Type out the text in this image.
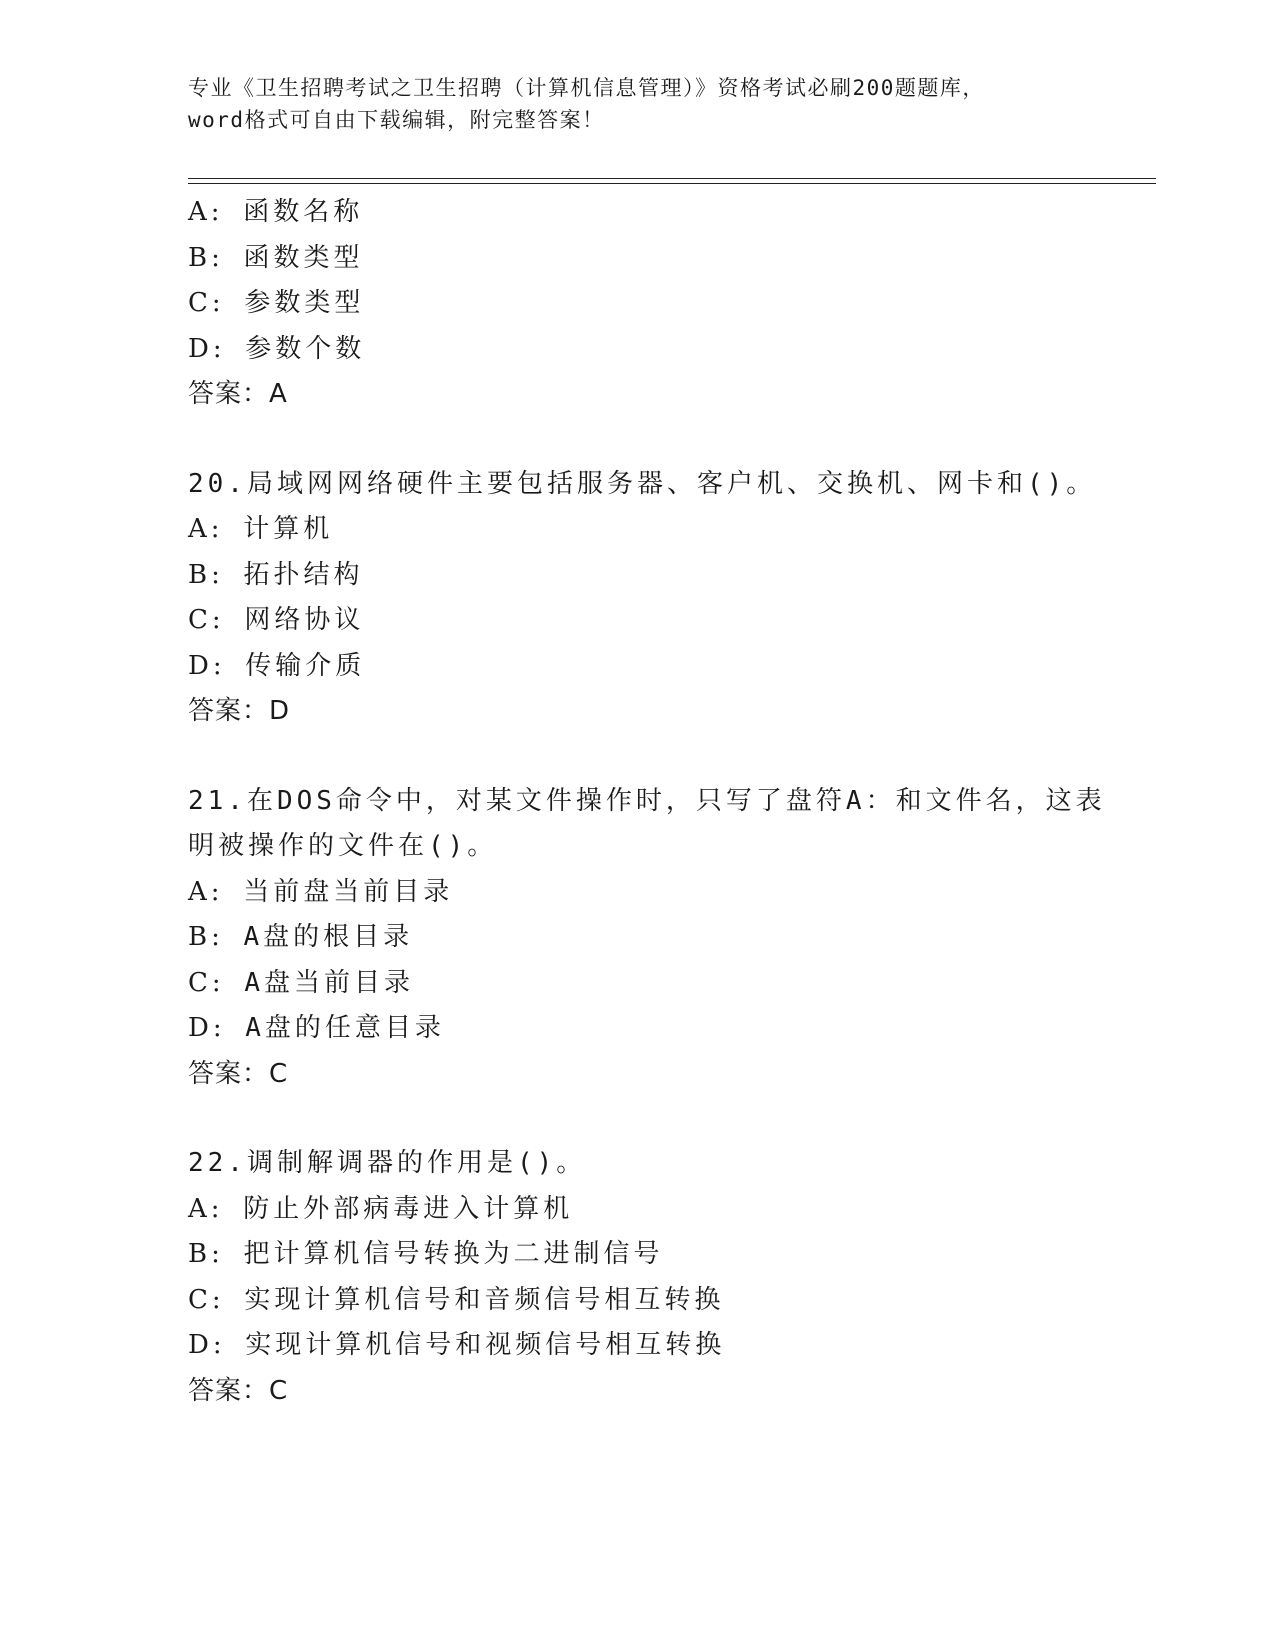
专业《卫生招聘考试之卫生招聘（计算机信息管理）》资格考试必刷200题题库，
word格式可自由下载编辑，附完整答案！
A: 函数名称
B: 函数类型
C: 参数类型
D: 参数个数
答案：A
20.局域网网络硬件主要包括服务器、客户机、交换机、网卡和()。
A: 计算机
B: 拓扑结构
C: 网络协议
D: 传输介质
答案：D
21.在DOS命令中，对某文件操作时，只写了盘符A：和文件名，这表
明被操作的文件在()。
A: 当前盘当前目录
B: A盘的根目录
C: A盘当前目录
D: A盘的任意目录
答案：C
22.调制解调器的作用是()。
A: 防止外部病毒进入计算机
B: 把计算机信号转换为二进制信号
C: 实现计算机信号和音频信号相互转换
D: 实现计算机信号和视频信号相互转换
答案：C
